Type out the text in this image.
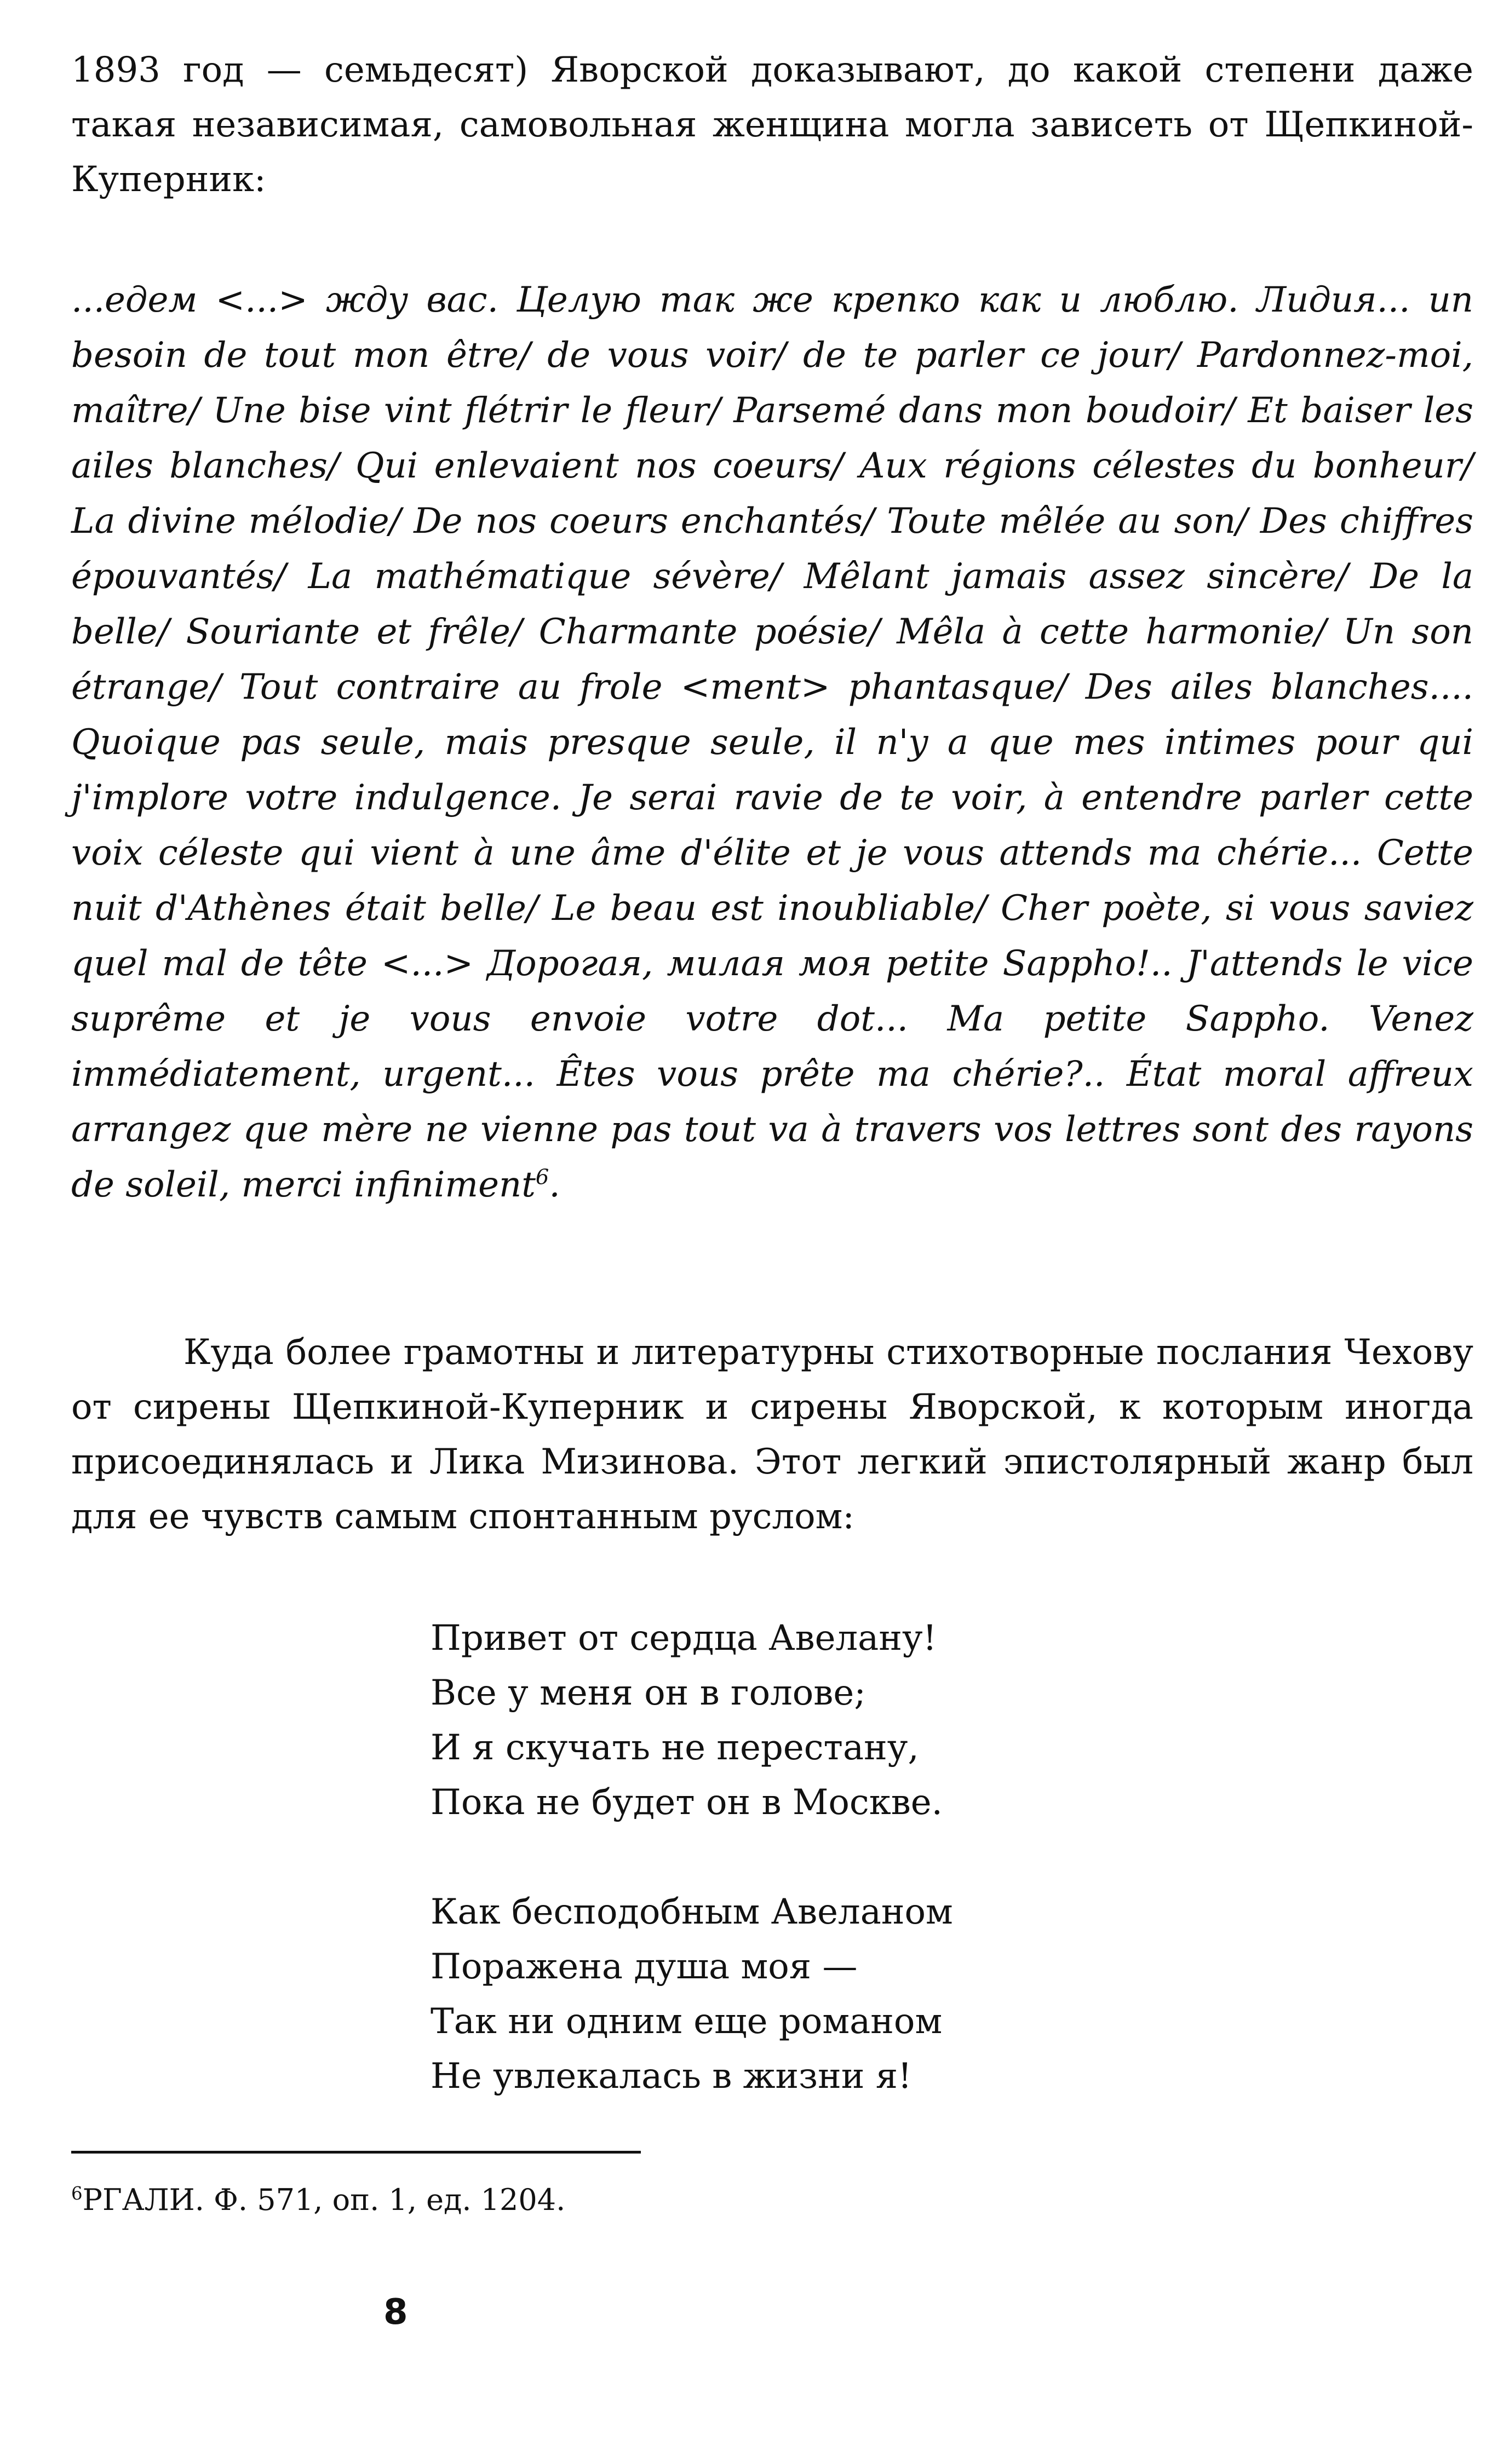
1893 год — семьдесят) Яворской доказывают, до какой степени даже такая независимая, самовольная женщина могла зависеть от Щепкиной-Куперник:

...едем <...> жду вас. Целую так же крепко как и люблю. Лидия... un besoin de tout mon être/ de vous voir/ de te parler ce jour/ Pardonnez-moi, maître/ Une bise vint flétrir le fleur/ Parsemé dans mon boudoir/ Et baiser les ailes blanches/ Qui enlevaient nos coeurs/ Aux régions célestes du bonheur/ La divine mélodie/ De nos coeurs enchantés/ Toute mêlée au son/ Des chiffres épouvantés/ La mathématique sévère/ Mêlant jamais assez sincère/ De la belle/ Souriante et frêle/ Charmante poésie/ Mêla à cette harmonie/ Un son étrange/ Tout contraire au frole <ment> phantasque/ Des ailes blanches.... Quoique pas seule, mais presque seule, il n'y a que mes intimes pour qui j'implore votre indulgence. Je serai ravie de te voir, à entendre parler cette voix céleste qui vient à une âme d'élite et je vous attends ma chérie... Cette nuit d'Athènes était belle/ Le beau est inoubliable/ Cher poète, si vous saviez quel mal de tête <...> Дорогая, милая моя petite Sappho!.. J'attends le vice suprême et je vous envoie votre dot... Ma petite Sappho. Venez immédiatement, urgent... Êtes vous prête ma chérie?.. État moral affreux arrangez que mère ne vienne pas tout va à travers vos lettres sont des rayons de soleil, merci infiniment$^6$.

Куда более грамотны и литературны стихотворные послания Чехову от сирены Щепкиной-Куперник и сирены Яворской, к которым иногда присоединялась и Лика Мизинова. Этот легкий эпистолярный жанр был для ее чувств самым спонтанным руслом:

Привет от сердца Авелану!
Все у меня он в голове;
И я скучать не перестану,
Пока не будет он в Москве.
Как бесподобным Авеланом
Поражена душа моя —
Так ни одним еще романом
Не увлекалась в жизни я!

$^6$РГАЛИ. Ф. 571, оп. 1, ед. 1204.

8
